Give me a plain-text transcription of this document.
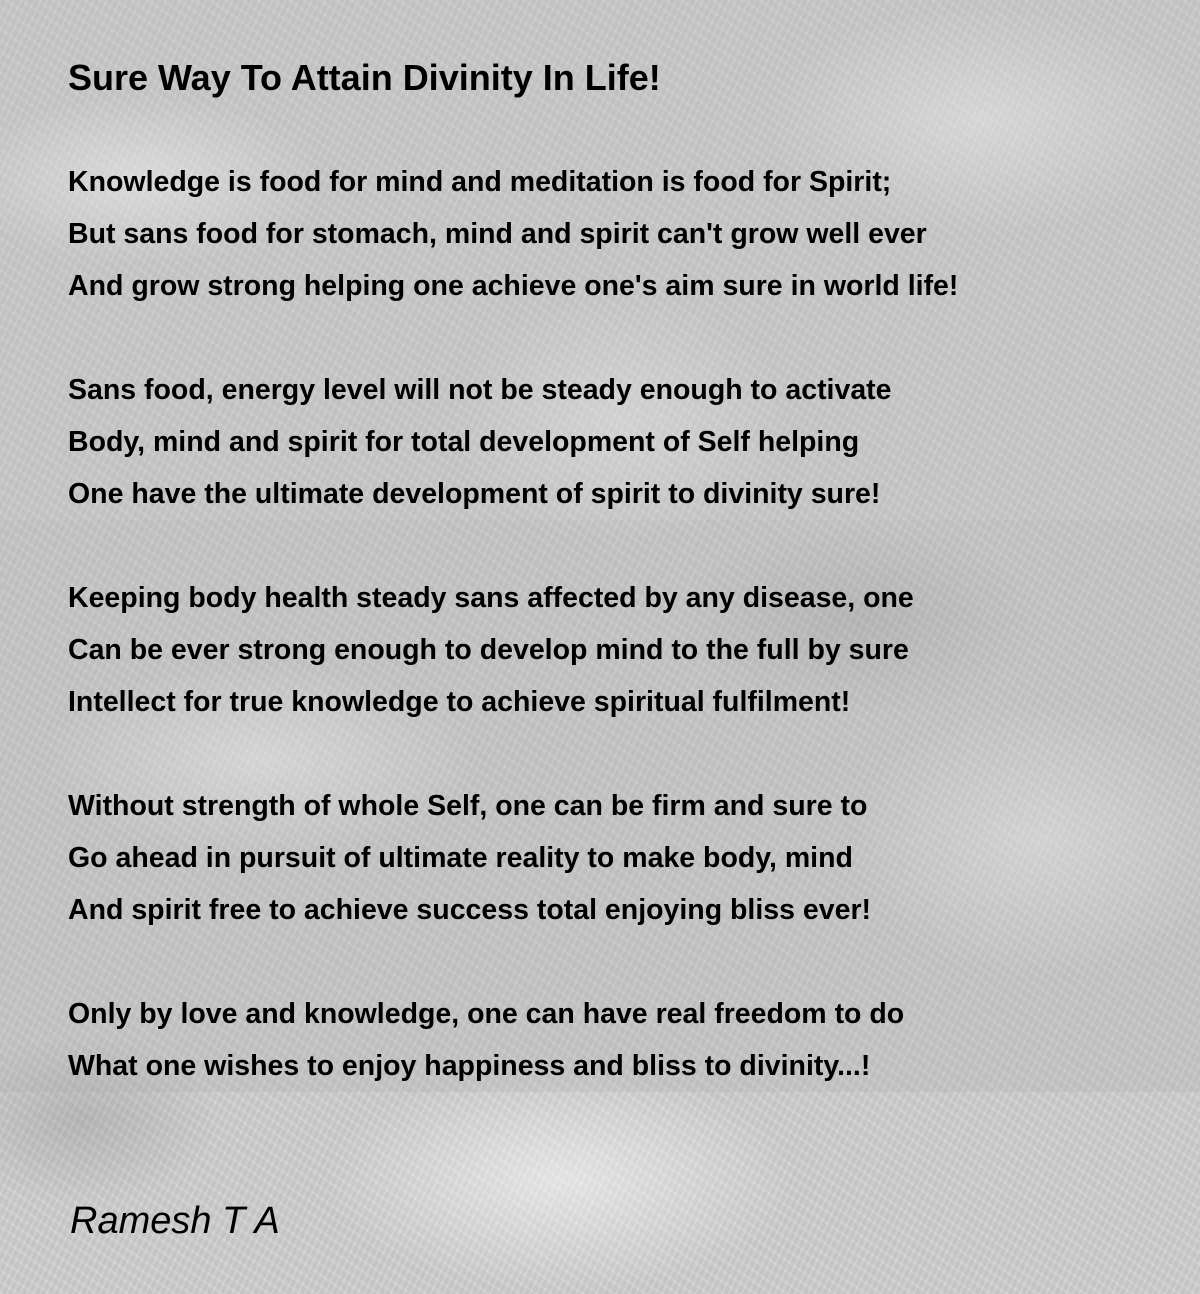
Sure Way To Attain Divinity In Life!

Knowledge is food for mind and meditation is food for Spirit;
But sans food for stomach, mind and spirit can't grow well ever
And grow strong helping one achieve one's aim sure in world life!

Sans food, energy level will not be steady enough to activate
Body, mind and spirit for total development of Self helping
One have the ultimate development of spirit to divinity sure!

Keeping body health steady sans affected by any disease, one
Can be ever strong enough to develop mind to the full by sure
Intellect for true knowledge to achieve spiritual fulfilment!

Without strength of whole Self, one can be firm and sure to
Go ahead in pursuit of ultimate reality to make body, mind
And spirit free to achieve success total enjoying bliss ever!

Only by love and knowledge, one can have real freedom to do
What one wishes to enjoy happiness and bliss to divinity...!

Ramesh T A
